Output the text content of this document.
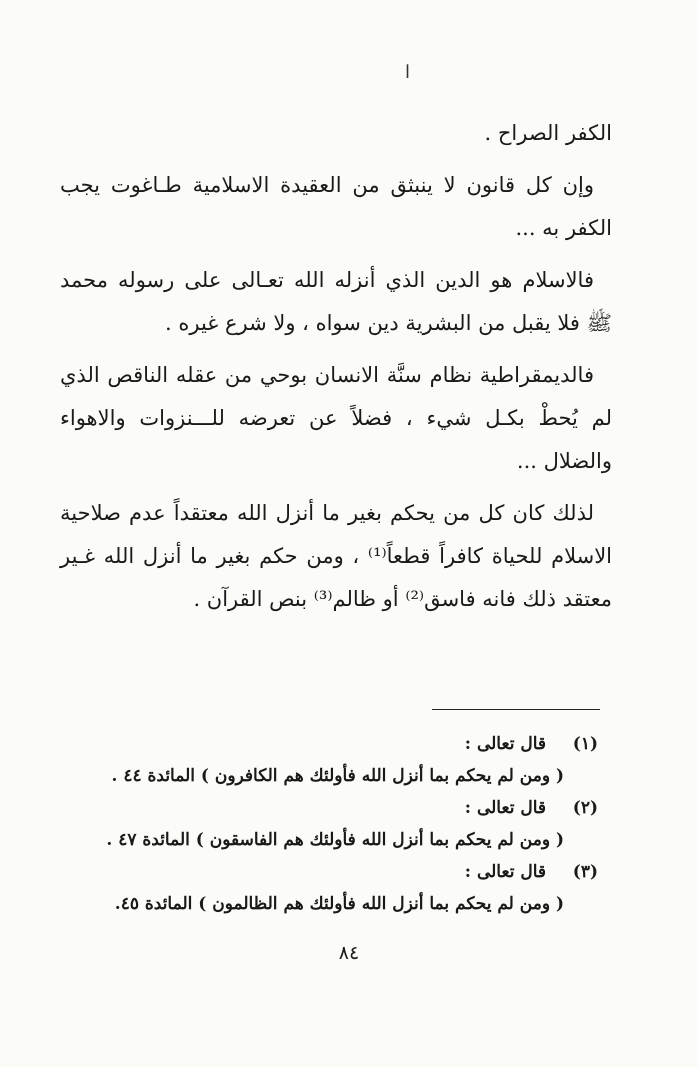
ا

الكفر الصراح .

وإن كل قانون لا ينبثق من العقيدة الاسلامية طـاغوت يجب الكفر به ...

فالاسلام هو الدين الذي أنزله الله تعـالى على رسوله محمد ﷺ فلا يقبل من البشرية دين سواه ، ولا شرع غيره .

فالديمقراطية نظام سنَّة الانسان بوحي من عقله الناقص الذي لم يُحطْ بكـل شيء ، فضلاً عن تعرضه للـــنزوات والاهواء والضلال ...

لذلك كان كل من يحكم بغير ما أنزل الله معتقداً عدم صلاحية الاسلام للحياة كافراً قطعاً⁽¹⁾ ، ومن حكم بغير ما أنزل الله غـير معتقد ذلك فانه فاسق⁽²⁾ أو ظالم⁽³⁾ بنص القرآن .

(١)
قال تعالى :
( ومن لم يحكم بما أنزل الله فأولئك هم الكافرون ) المائدة ٤٤ .
(٢)
قال تعالى :
( ومن لم يحكم بما أنزل الله فأولئك هم الفاسقون ) المائدة ٤٧ .
(٣)
قال تعالى :
( ومن لم يحكم بما أنزل الله فأولئك هم الظالمون ) المائدة ٤٥.
٨٤
